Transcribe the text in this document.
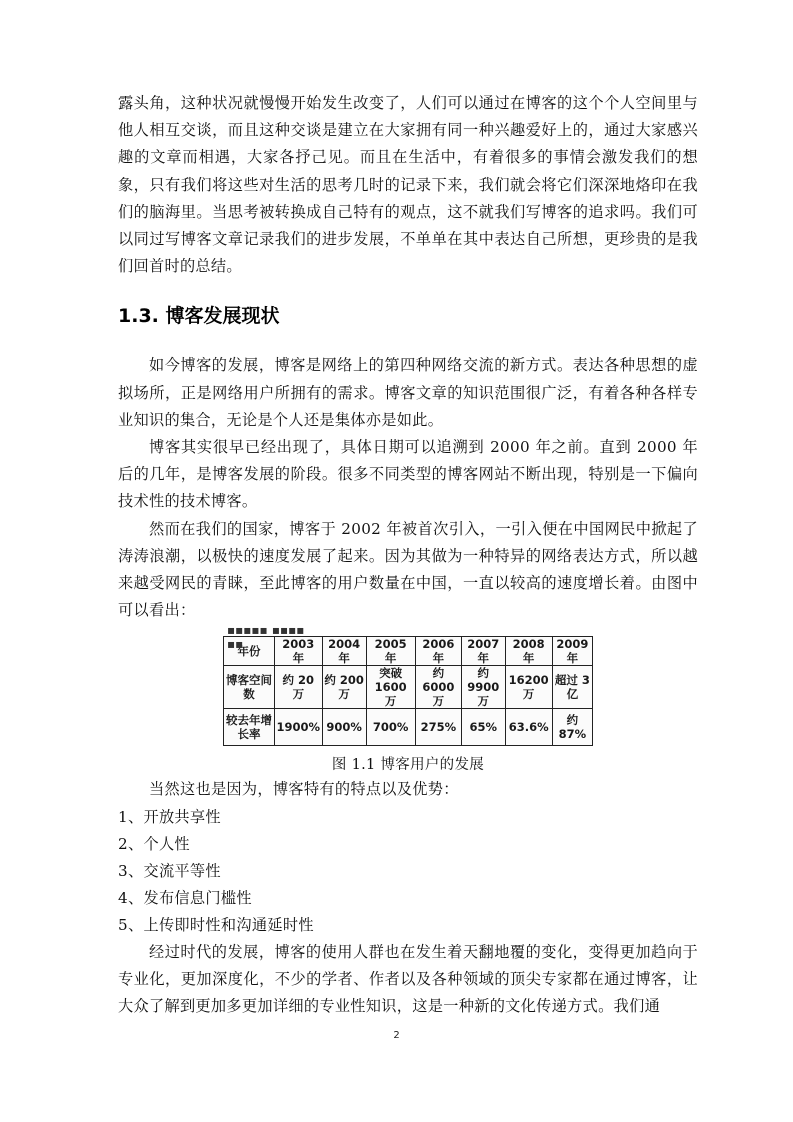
露头角，这种状况就慢慢开始发生改变了，人们可以通过在博客的这个个人空间里与他人相互交谈，而且这种交谈是建立在大家拥有同一种兴趣爱好上的，通过大家感兴趣的文章而相遇，大家各抒己见。而且在生活中，有着很多的事情会激发我们的想象，只有我们将这些对生活的思考几时的记录下来，我们就会将它们深深地烙印在我们的脑海里。当思考被转换成自己特有的观点，这不就我们写博客的追求吗。我们可以同过写博客文章记录我们的进步发展，不单单在其中表达自己所想，更珍贵的是我们回首时的总结。

1.3. 博客发展现状

如今博客的发展，博客是网络上的第四种网络交流的新方式。表达各种思想的虚拟场所，正是网络用户所拥有的需求。博客文章的知识范围很广泛，有着各种各样专业知识的集合，无论是个人还是集体亦是如此。

博客其实很早已经出现了，具体日期可以追溯到 2000 年之前。直到 2000 年后的几年，是博客发展的阶段。很多不同类型的博客网站不断出现，特别是一下偏向技术性的技术博客。

然而在我们的国家，博客于 2002 年被首次引入，一引入便在中国网民中掀起了涛涛浪潮，以极快的速度发展了起来。因为其做为一种特异的网络表达方式，所以越来越受网民的青睐，至此博客的用户数量在中国，一直以较高的速度增长着。由图中可以看出：

▪▪▪▪▪ ▪▪▪▪ ▪▪
年份	2003 年	2004 年	2005 年	2006 年	2007 年	2008 年	2009 年
博客空间数	约 20 万	约 200 万	突破 1600 万	约 6000 万	约 9900 万	16200 万	超过 3 亿
较去年增长率	1900%	900%	700%	275%	65%	63.6%	约 87%

图 1.1 博客用户的发展

当然这也是因为，博客特有的特点以及优势：

1、开放共享性

2、个人性

3、交流平等性

4、发布信息门槛性

5、上传即时性和沟通延时性

经过时代的发展，博客的使用人群也在发生着天翻地覆的变化，变得更加趋向于专业化，更加深度化，不少的学者、作者以及各种领域的顶尖专家都在通过博客，让大众了解到更加多更加详细的专业性知识，这是一种新的文化传递方式。我们通

2
